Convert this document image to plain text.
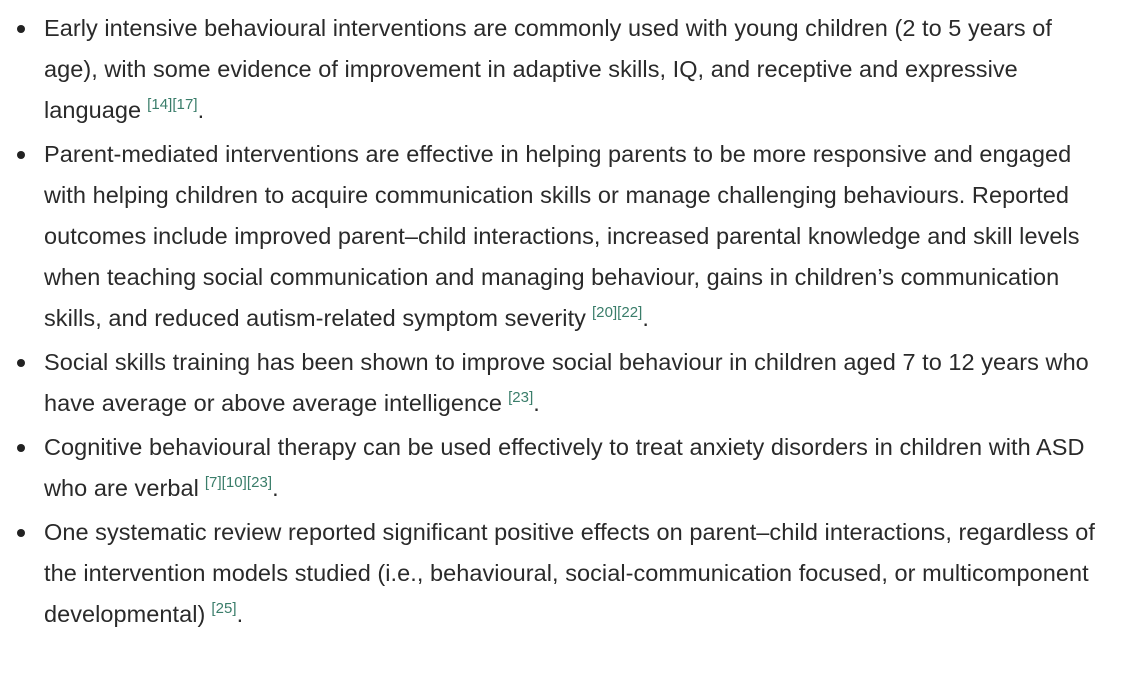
Early intensive behavioural interventions are commonly used with young children (2 to 5 years of age), with some evidence of improvement in adaptive skills, IQ, and receptive and expressive language [14][17].
Parent-mediated interventions are effective in helping parents to be more responsive and engaged with helping children to acquire communication skills or manage challenging behaviours. Reported outcomes include improved parent–child interactions, increased parental knowledge and skill levels when teaching social communication and managing behaviour, gains in children’s communication skills, and reduced autism-related symptom severity [20][22].
Social skills training has been shown to improve social behaviour in children aged 7 to 12 years who have average or above average intelligence [23].
Cognitive behavioural therapy can be used effectively to treat anxiety disorders in children with ASD who are verbal [7][10][23].
One systematic review reported significant positive effects on parent–child interactions, regardless of the intervention models studied (i.e., behavioural, social-communication focused, or multicomponent developmental) [25].
